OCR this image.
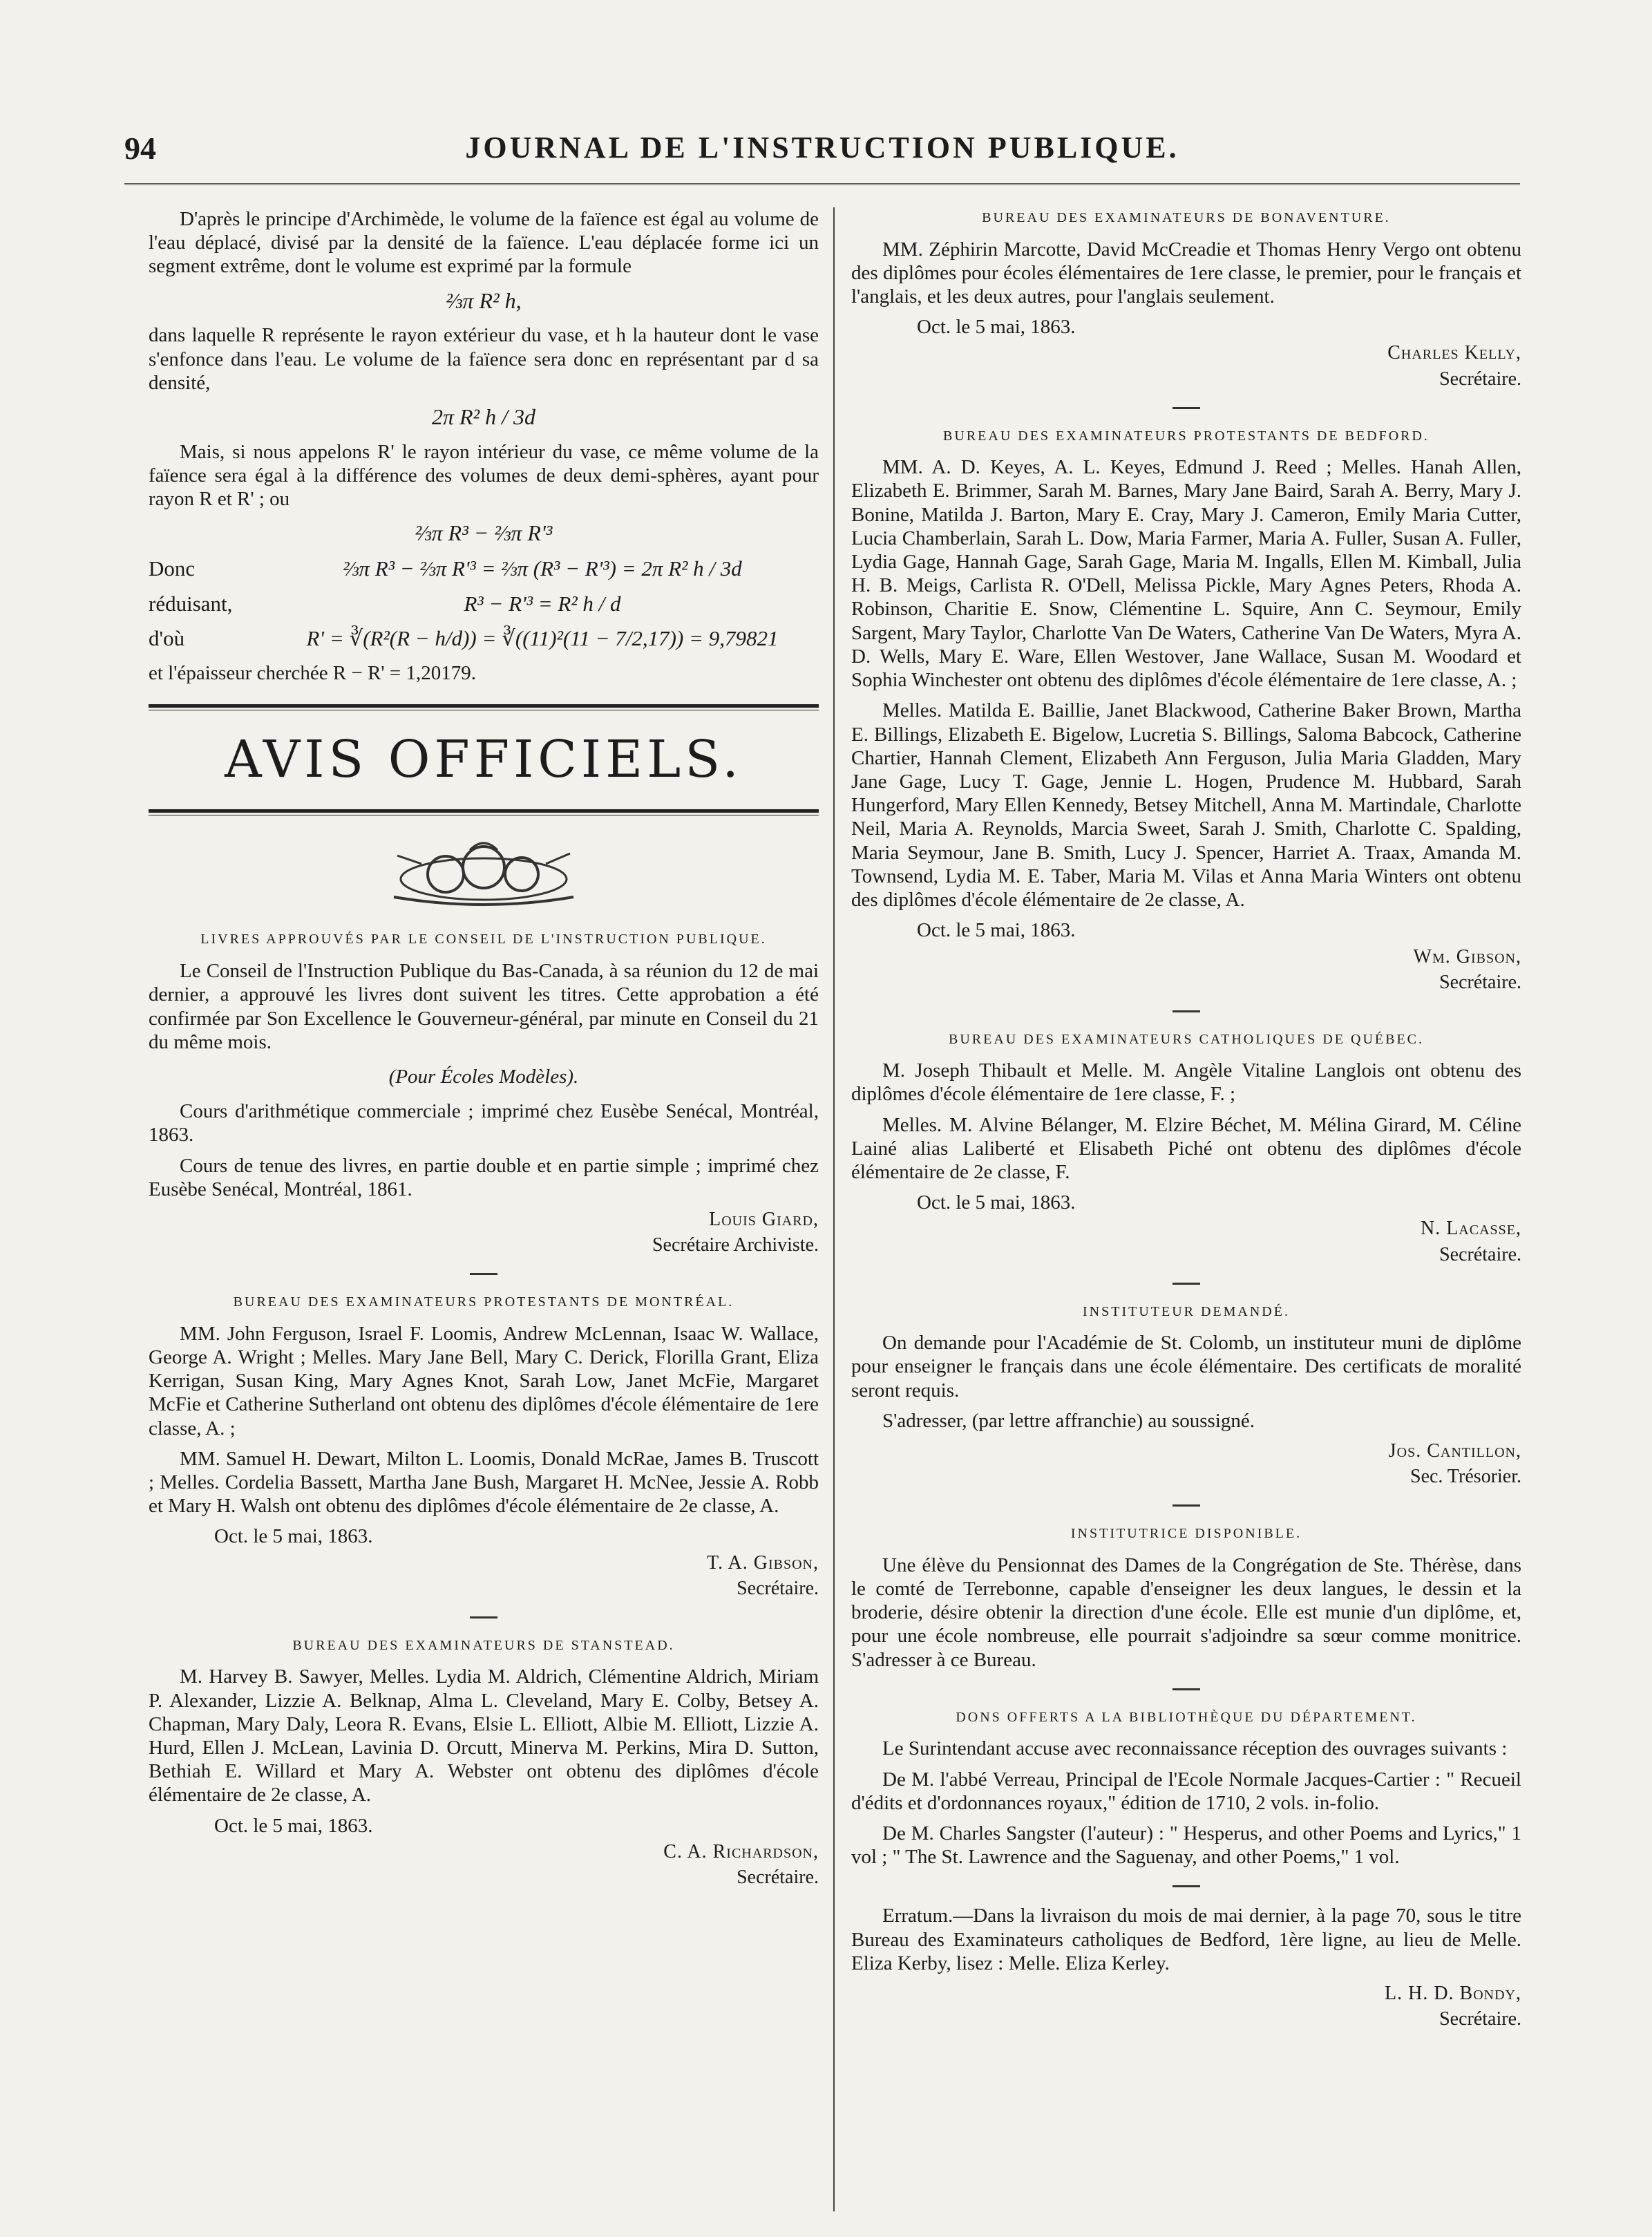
94	JOURNAL DE L'INSTRUCTION PUBLIQUE.

D'après le principe d'Archimède, le volume de la faïence est égal au volume de l'eau déplacé, divisé par la densité de la faïence. L'eau déplacée forme ici un segment extrême, dont le volume est exprimé par la formule

⅔π R² h,

dans laquelle R représente le rayon extérieur du vase, et h la hauteur dont le vase s'enfonce dans l'eau. Le volume de la faïence sera donc en représentant par d sa densité,

2π R² h / 3d

Mais, si nous appelons R' le rayon intérieur du vase, ce même volume de la faïence sera égal à la différence des volumes de deux demi-sphères, ayant pour rayon R et R' ; ou

⅔π R³ − ⅔π R'³
Donc	⅔π R³ − ⅔π R'³ = ⅔π (R³ − R'³) = 2π R² h / 3d
réduisant,	R³ − R'³ = R² h / d
d'où	R' = ∛(R²(R − h/d)) = ∛((11)²(11 − 7/2,17)) = 9,79821

et l'épaisseur cherchée R − R' = 1,20179.

AVIS OFFICIELS.
LIVRES APPROUVÉS PAR LE CONSEIL DE L'INSTRUCTION PUBLIQUE.

Le Conseil de l'Instruction Publique du Bas-Canada, à sa réunion du 12 de mai dernier, a approuvé les livres dont suivent les titres. Cette approbation a été confirmée par Son Excellence le Gouverneur-général, par minute en Conseil du 21 du même mois.

(Pour Écoles Modèles).

Cours d'arithmétique commerciale ; imprimé chez Eusèbe Senécal, Montréal, 1863.

Cours de tenue des livres, en partie double et en partie simple ; imprimé chez Eusèbe Senécal, Montréal, 1861.

Louis Giard,
Secrétaire Archiviste.
BUREAU DES EXAMINATEURS PROTESTANTS DE MONTRÉAL.

MM. John Ferguson, Israel F. Loomis, Andrew McLennan, Isaac W. Wallace, George A. Wright ; Melles. Mary Jane Bell, Mary C. Derick, Florilla Grant, Eliza Kerrigan, Susan King, Mary Agnes Knot, Sarah Low, Janet McFie, Margaret McFie et Catherine Sutherland ont obtenu des diplômes d'école élémentaire de 1ere classe, A. ;

MM. Samuel H. Dewart, Milton L. Loomis, Donald McRae, James B. Truscott ; Melles. Cordelia Bassett, Martha Jane Bush, Margaret H. McNee, Jessie A. Robb et Mary H. Walsh ont obtenu des diplômes d'école élémentaire de 2e classe, A.

Oct. le 5 mai, 1863.

T. A. Gibson,
Secrétaire.
BUREAU DES EXAMINATEURS DE STANSTEAD.

M. Harvey B. Sawyer, Melles. Lydia M. Aldrich, Clémentine Aldrich, Miriam P. Alexander, Lizzie A. Belknap, Alma L. Cleveland, Mary E. Colby, Betsey A. Chapman, Mary Daly, Leora R. Evans, Elsie L. Elliott, Albie M. Elliott, Lizzie A. Hurd, Ellen J. McLean, Lavinia D. Orcutt, Minerva M. Perkins, Mira D. Sutton, Bethiah E. Willard et Mary A. Webster ont obtenu des diplômes d'école élémentaire de 2e classe, A.

Oct. le 5 mai, 1863.

C. A. Richardson,
Secrétaire.
BUREAU DES EXAMINATEURS DE BONAVENTURE.

MM. Zéphirin Marcotte, David McCreadie et Thomas Henry Vergo ont obtenu des diplômes pour écoles élémentaires de 1ere classe, le premier, pour le français et l'anglais, et les deux autres, pour l'anglais seulement.

Oct. le 5 mai, 1863.

Charles Kelly,
Secrétaire.
BUREAU DES EXAMINATEURS PROTESTANTS DE BEDFORD.

MM. A. D. Keyes, A. L. Keyes, Edmund J. Reed ; Melles. Hanah Allen, Elizabeth E. Brimmer, Sarah M. Barnes, Mary Jane Baird, Sarah A. Berry, Mary J. Bonine, Matilda J. Barton, Mary E. Cray, Mary J. Cameron, Emily Maria Cutter, Lucia Chamberlain, Sarah L. Dow, Maria Farmer, Maria A. Fuller, Susan A. Fuller, Lydia Gage, Hannah Gage, Sarah Gage, Maria M. Ingalls, Ellen M. Kimball, Julia H. B. Meigs, Carlista R. O'Dell, Melissa Pickle, Mary Agnes Peters, Rhoda A. Robinson, Charitie E. Snow, Clémentine L. Squire, Ann C. Seymour, Emily Sargent, Mary Taylor, Charlotte Van De Waters, Catherine Van De Waters, Myra A. D. Wells, Mary E. Ware, Ellen Westover, Jane Wallace, Susan M. Woodard et Sophia Winchester ont obtenu des diplômes d'école élémentaire de 1ere classe, A. ;

Melles. Matilda E. Baillie, Janet Blackwood, Catherine Baker Brown, Martha E. Billings, Elizabeth E. Bigelow, Lucretia S. Billings, Saloma Babcock, Catherine Chartier, Hannah Clement, Elizabeth Ann Ferguson, Julia Maria Gladden, Mary Jane Gage, Lucy T. Gage, Jennie L. Hogen, Prudence M. Hubbard, Sarah Hungerford, Mary Ellen Kennedy, Betsey Mitchell, Anna M. Martindale, Charlotte Neil, Maria A. Reynolds, Marcia Sweet, Sarah J. Smith, Charlotte C. Spalding, Maria Seymour, Jane B. Smith, Lucy J. Spencer, Harriet A. Traax, Amanda M. Townsend, Lydia M. E. Taber, Maria M. Vilas et Anna Maria Winters ont obtenu des diplômes d'école élémentaire de 2e classe, A.

Oct. le 5 mai, 1863.

Wm. Gibson,
Secrétaire.
BUREAU DES EXAMINATEURS CATHOLIQUES DE QUÉBEC.

M. Joseph Thibault et Melle. M. Angèle Vitaline Langlois ont obtenu des diplômes d'école élémentaire de 1ere classe, F. ;

Melles. M. Alvine Bélanger, M. Elzire Béchet, M. Mélina Girard, M. Céline Lainé alias Laliberté et Elisabeth Piché ont obtenu des diplômes d'école élémentaire de 2e classe, F.

Oct. le 5 mai, 1863.

N. Lacasse,
Secrétaire.
INSTITUTEUR DEMANDÉ.

On demande pour l'Académie de St. Colomb, un instituteur muni de diplôme pour enseigner le français dans une école élémentaire. Des certificats de moralité seront requis.

S'adresser, (par lettre affranchie) au soussigné.

Jos. Cantillon,
Sec. Trésorier.
INSTITUTRICE DISPONIBLE.

Une élève du Pensionnat des Dames de la Congrégation de Ste. Thérèse, dans le comté de Terrebonne, capable d'enseigner les deux langues, le dessin et la broderie, désire obtenir la direction d'une école. Elle est munie d'un diplôme, et, pour une école nombreuse, elle pourrait s'adjoindre sa sœur comme monitrice. S'adresser à ce Bureau.

DONS OFFERTS A LA BIBLIOTHÈQUE DU DÉPARTEMENT.

Le Surintendant accuse avec reconnaissance réception des ouvrages suivants :

De M. l'abbé Verreau, Principal de l'Ecole Normale Jacques-Cartier : " Recueil d'édits et d'ordonnances royaux," édition de 1710, 2 vols. in-folio.

De M. Charles Sangster (l'auteur) : " Hesperus, and other Poems and Lyrics," 1 vol ; " The St. Lawrence and the Saguenay, and other Poems," 1 vol.

Erratum.—Dans la livraison du mois de mai dernier, à la page 70, sous le titre Bureau des Examinateurs catholiques de Bedford, 1ère ligne, au lieu de Melle. Eliza Kerby, lisez : Melle. Eliza Kerley.

L. H. D. Bondy,
Secrétaire.
